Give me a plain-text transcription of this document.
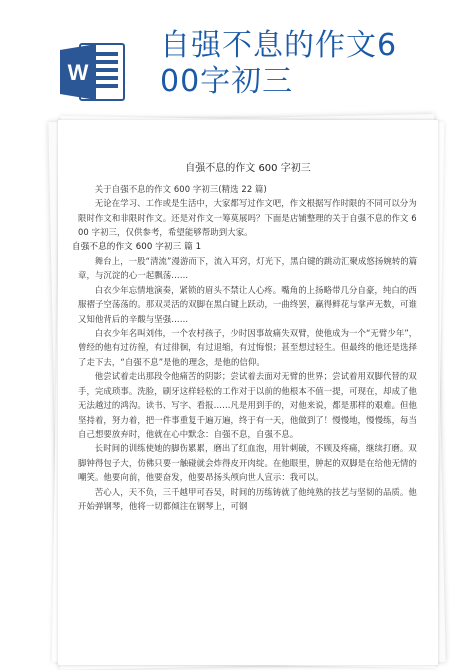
W
自强不息的作文6
00字初三
自强不息的作文 600 字初三

关于自强不息的作文 600 字初三(精选 22 篇)

无论在学习、工作或是生活中，大家都写过作文吧，作文根据写作时限的不同可以分为限时作文和非限时作文。还是对作文一筹莫展吗？下面是店铺整理的关于自强不息的作文 600 字初三，仅供参考，希望能够帮助到大家。

自强不息的作文 600 字初三 篇 1

舞台上，一股“清流”漫游而下，流入耳窍，灯光下，黑白键的跳动汇聚成悠扬婉转的篇章，与沉淀的心一起飘荡……

白衣少年忘情地演奏，紧锁的眉头不禁让人心疼。嘴角的上扬略带几分自豪，纯白的西服褶子空荡荡的。那双灵活的双脚在黑白键上跃动，一曲终罢，赢得鲜花与掌声无数，可谁又知他背后的辛酸与坚强……

白衣少年名叫刘伟，一个农村孩子，少时因事故痛失双臂，使他成为一个“无臂少年”，曾经的他有过彷徨，有过徘徊，有过退缩，有过悔恨；甚至想过轻生。但最终的他还是选择了走下去，“自强不息”是他的理念，是他的信仰。

他尝试着走出那段令他痛苦的阴影；尝试着去面对无臂的世界；尝试着用双脚代替的双手，完成琐事。洗脸，刷牙这样轻松的工作对于以前的他根本不值一提，可现在，却成了他无法越过的鸿沟。读书、写字、看报……凡是用到手的，对他来说，都是那样的艰难。但他坚持着，努力着，把一件事重复千遍万遍，终于有一天，他做到了！慢慢地，慢慢练，每当自己想要放弃时，他就在心中默念：自强不息，自强不息。

长时间的训练使她的脚伤累累，磨出了红血泡，用针刺破，不顾及疼痛，继续打磨。双脚钟得包子大，仿佛只要一触碰就会炸得皮开肉绽。在他眼里，肿起的双脚是在给他无情的嘲笑。他要向前，他要奋发，他要昂扬头颅向世人宣示：我可以。

苦心人，天不负，三千越甲可吞吴，时间的历练铸就了他纯熟的技艺与坚韧的品质。他开始弹钢琴，他将一切都倾注在钢琴上，可钢
